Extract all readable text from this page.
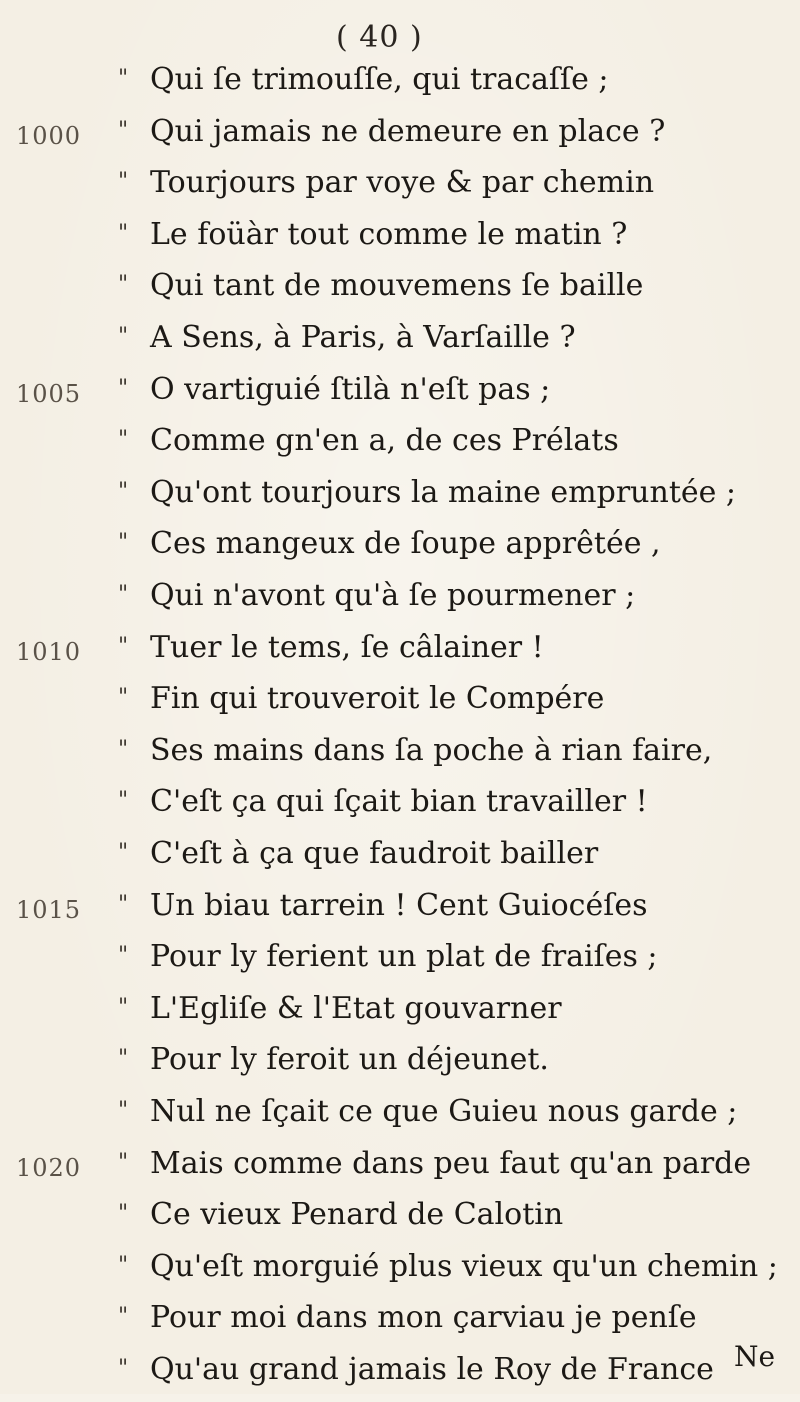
( 40 )
" Qui ſe trimouſſe, qui tracaſſe ;
1000	" Qui jamais ne demeure en place ?
" Tourjours par voye & par chemin
" Le foüàr tout comme le matin ?
" Qui tant de mouvemens ſe baille
" A Sens, à Paris, à Varſaille ?
1005	" O vartiguié ſtilà n'eſt pas ;
" Comme gn'en a, de ces Prélats
" Qu'ont tourjours la maine empruntée ;
" Ces mangeux de ſoupe apprêtée ,
" Qui n'avont qu'à ſe pourmener ;
1010	" Tuer le tems, ſe câlainer !
" Fin qui trouveroit le Compére
" Ses mains dans ſa poche à rian faire,
" C'eſt ça qui ſçait bian travailler !
" C'eſt à ça que faudroit bailler
1015	" Un biau tarrein ! Cent Guiocéſes
" Pour ly ferient un plat de fraiſes ;
" L'Egliſe & l'Etat gouvarner
" Pour ly feroit un déjeunet.
" Nul ne ſçait ce que Guieu nous garde ;
1020	" Mais comme dans peu faut qu'an parde
" Ce vieux Penard de Calotin
" Qu'eſt morguié plus vieux qu'un chemin ;
" Pour moi dans mon çarviau je penſe
" Qu'au grand jamais le Roy de France Ne
